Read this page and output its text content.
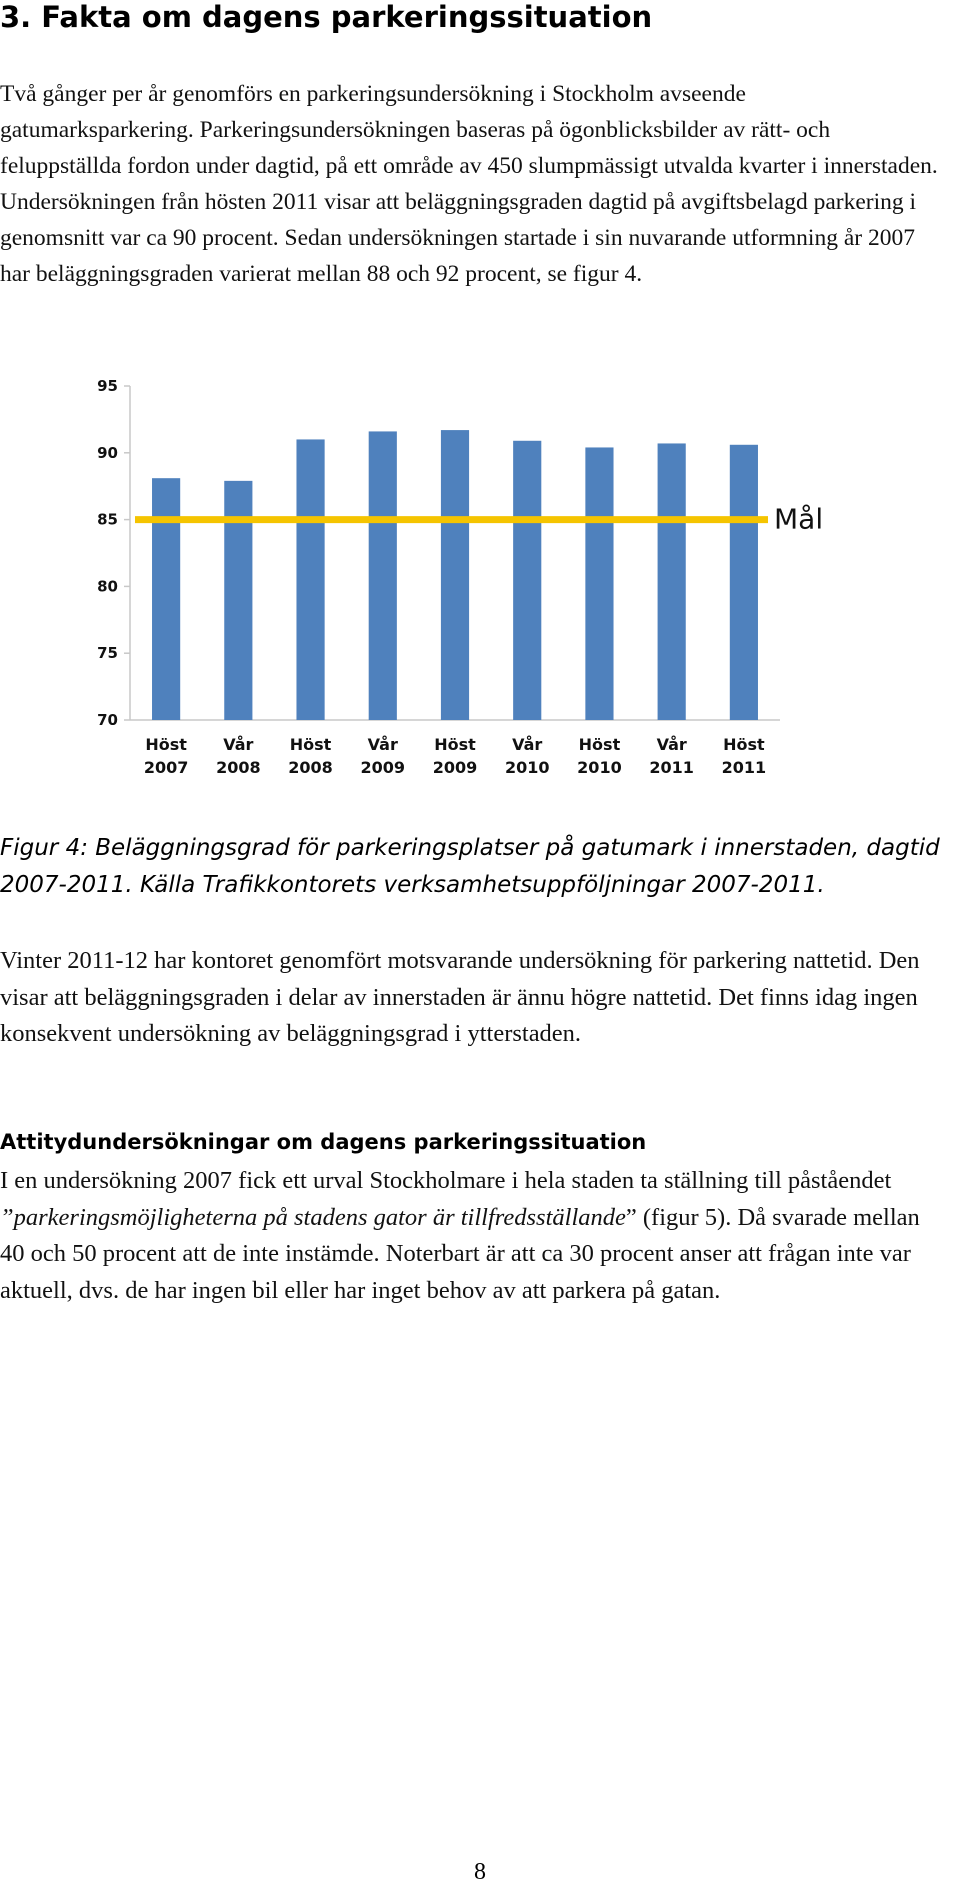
3. Fakta om dagens parkeringssituation

Två gånger per år genomförs en parkeringsundersökning i Stockholm avseende gatumarksparkering. Parkeringsundersökningen baseras på ögonblicksbilder av rätt- och feluppställda fordon under dagtid, på ett område av 450 slumpmässigt utvalda kvarter i innerstaden. Undersökningen från hösten 2011 visar att beläggningsgraden dagtid på avgiftsbelagd parkering i genomsnitt var ca 90 procent. Sedan undersökningen startade i sin nuvarande utformning år 2007 har beläggningsgraden varierat mellan 88 och 92 procent, se figur 4.

70
75
80
85
90
95
Höst 2007
Vår 2008
Höst 2008
Vår 2009
Höst 2009
Vår 2010
Höst 2010
Vår 2011
Höst 2011
Mål

Figur 4: Beläggningsgrad för parkeringsplatser på gatumark i innerstaden, dagtid 2007-2011. Källa Trafikkontorets verksamhetsuppföljningar 2007-2011.

Vinter 2011-12 har kontoret genomfört motsvarande undersökning för parkering nattetid. Den visar att beläggningsgraden i delar av innerstaden är ännu högre nattetid. Det finns idag ingen konsekvent undersökning av beläggningsgrad i ytterstaden.

Attitydundersökningar om dagens parkeringssituation

I en undersökning 2007 fick ett urval Stockholmare i hela staden ta ställning till påståendet ”parkeringsmöjligheterna på stadens gator är tillfredsställande” (figur 5). Då svarade mellan 40 och 50 procent att de inte instämde. Noterbart är att ca 30 procent anser att frågan inte var aktuell, dvs. de har ingen bil eller har inget behov av att parkera på gatan.

8
